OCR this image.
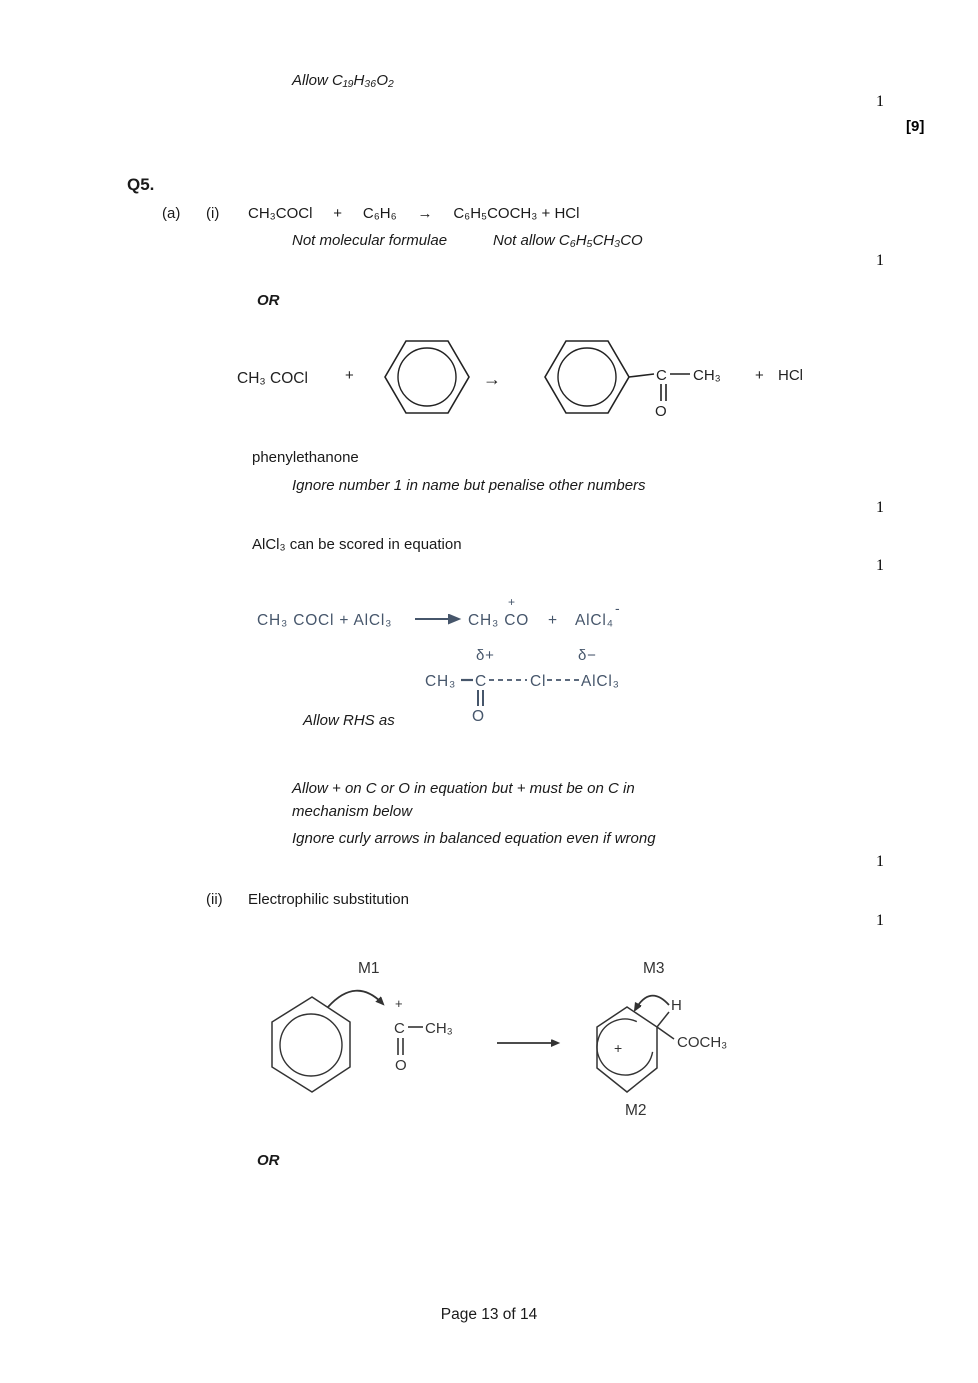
Allow C₁₉H₃₆O₂
1
[9]
1
1
1
1
1
Q5.
(a) (i) CH₃COCl     +     C₆H₆     →     C₆H₅COCH₃ + HCl
Not molecular formulae	Not allow C₆H₅CH₃CO
OR
CH₃ COCl +	→	C CH₃
O
+ HCl
phenylethanone
Ignore number 1 in name but penalise other numbers
AlCl₃ can be scored in equation
CH₃ COCl + AlCl₃	CH₃ CO
+
+ AlCl₄
-
δ+	δ−
CH₃ C	Cl AlCl₃
O
Allow RHS as
Allow + on C or O in equation but + must be on C in
mechanism below
Ignore curly arrows in balanced equation even if wrong
(ii) Electrophilic substitution
M1	M3
+
C CH₃
O
+
H
COCH₃
M2
OR
Page 13 of 14
